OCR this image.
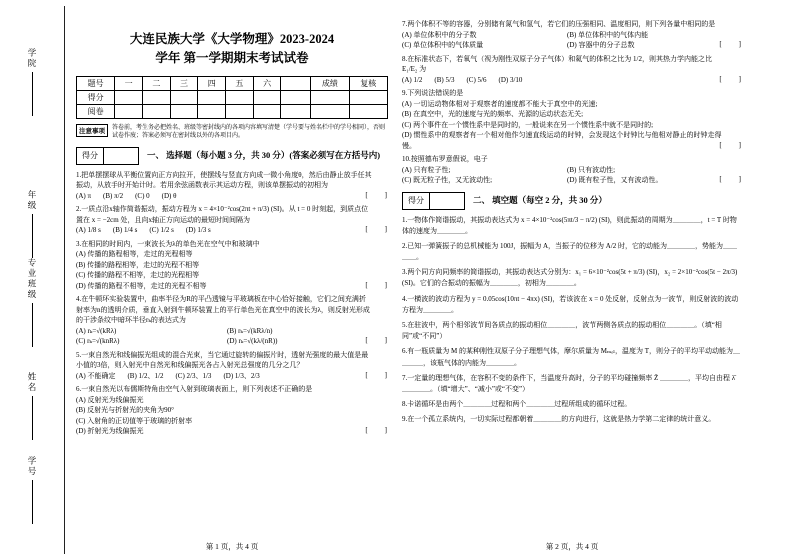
学院
年级
专业班级
姓名
学号
大连民族大学《大学物理》2023-2024
学年 第一学期期末考试试卷
题号	一	二	三	四	五	六		成绩	复核
得分									
阅卷									
注意事项	答卷前，考生务必把姓名、班级等密封线内的各项内容填写清楚（学号要与姓名栏中的学号相同），否则试卷作废；答案必须写在密封线以外的各项目内。
得分	一、 选择题（每小题 3 分，共 30 分）(答案必须写在方括号内)
1.把单摆摆球从平衡位置向正方向拉开，使摆线与竖直方向成一微小角度θ，然后由静止放手任其振动，从放手时开始计时。若用余弦函数表示其运动方程，则该单摆振动的初相为
(A) π (B) π/2 (C) 0 (D) θ	[　　]
2.一质点沿x轴作简谐振动，振动方程为 x = 4×10⁻²cos(2πt + π/3) (SI)。从 t = 0 时刻起，到质点位置在 x = −2cm 处，且向x轴正方向运动的最短时间间隔为
(A) 1/8 s (B) 1/4 s (C) 1/2 s (D) 1/3 s	[　　]
3.在相同的时间内，一束波长为λ的单色光在空气中和玻璃中
(A) 传播的路程相等，走过的光程相等
(B) 传播的路程相等，走过的光程不相等
(C) 传播的路程不相等，走过的光程相等
(D) 传播的路程不相等，走过的光程不相等	[　　]
4.在牛顿环实验装置中，曲率半径为R的平凸透镜与平玻璃板在中心恰好接触，它们之间充满折射率为n的透明介质，垂直入射到牛顿环装置上的平行单色光在真空中的波长为λ，则反射光形成的干涉条纹中暗环半径rₖ的表达式为
(A) rₖ=√(kRλ)	(B) rₖ=√(kRλ/n)
(C) rₖ=√(knRλ)	(D) rₖ=√(kλ/(nR))	[　　]
5.一束自然光和线偏振光组成的混合光束，当它通过旋转的偏振片时，透射光强度的最大值是最小值的3倍，则入射光中自然光和线偏振光各占入射光总强度的几分之几？
(A) 不能确定 (B) 1/2、1/2 (C) 2/3、1/3 (D) 1/3、2/3	[　　]
6.一束自然光以布儒斯特角由空气入射到玻璃表面上，则下列表述不正确的是
(A) 反射光为线偏振光
(B) 反射光与折射光的夹角为90°
(C) 入射角的正切值等于玻璃的折射率
(D) 折射光为线偏振光	[　　]
7.两个体积不等的容器，分别储有氮气和氢气，若它们的压强相同、温度相同，则下列各量中相同的是
(A) 单位体积中的分子数	(B) 单位体积中的气体内能
(C) 单位体积中的气体质量	(D) 容器中的分子总数	[　　]
8.在标准状态下，若氧气（视为刚性双原子分子气体）和氦气的体积之比为 1/2，则其热力学内能之比 E₁/E₂ 为
(A) 1/2 (B) 5/3 (C) 5/6 (D) 3/10	[　　]
9.下列说法错误的是
(A) 一切运动物体相对于观察者的速度都不能大于真空中的光速;
(B) 在真空中，光的速度与光的频率、光源的运动状态无关;
(C) 两个事件在一个惯性系中是同时的，一般说来在另一个惯性系中就不是同时的;
(D) 惯性系中的观察者有一个相对他作匀速直线运动的时钟，会发现这个时钟比与他相对静止的时钟走得慢。	[　　]
10.按照德布罗意假说，电子
(A) 只有粒子性;	(B) 只有波动性;
(C) 既无粒子性，又无波动性;	(D) 既有粒子性，又有波动性。	[　　]
得分	二、 填空题（每空 2 分，共 30 分）
1.一物体作简谐振动，其振动表达式为 x = 4×10⁻²cos(5πt/3 − π/2) (SI)，则此振动的周期为＿＿＿＿，t = T 时物体的速度为＿＿＿＿。
2.已知一弹簧振子的总机械能为 100J，振幅为 A，当振子的位移为 A/2 时，它的动能为＿＿＿＿，势能为＿＿＿＿。
3.两个同方向同频率的简谐振动，其振动表达式分别为：x₁ = 6×10⁻²cos(5t + π/3) (SI)，x₂ = 2×10⁻²cos(5t − 2π/3) (SI)。它们的合振动的振幅为＿＿＿＿，初相为＿＿＿＿。
4.一横波的波动方程为 y = 0.05cos(10πt − 4πx) (SI)，若该波在 x = 0 处反射，反射点为一波节，则反射波的波动方程为＿＿＿＿。
5.在驻波中，两个相邻波节间各质点的振动相位＿＿＿＿，波节两侧各质点的振动相位＿＿＿＿。（填“相同”或“不同”）
6.有一瓶质量为 M 的某种刚性双原子分子理想气体，摩尔质量为 Mₘₒₗ，温度为 T，则分子的平均平动动能为＿＿＿＿，该瓶气体的内能为＿＿＿＿。
7.一定量的理想气体，在容积不变的条件下，当温度升高时，分子的平均碰撞频率 Z̄ ＿＿＿＿，平均自由程 λ̄ ＿＿＿＿。（填“增大”、“减小”或“不变”）
8.卡诺循环是由两个＿＿＿＿过程和两个＿＿＿＿过程所组成的循环过程。
9.在一个孤立系统内，一切实际过程都朝着＿＿＿＿的方向进行，这就是热力学第二定律的统计意义。
第 1 页，共 4 页	第 2 页，共 4 页
